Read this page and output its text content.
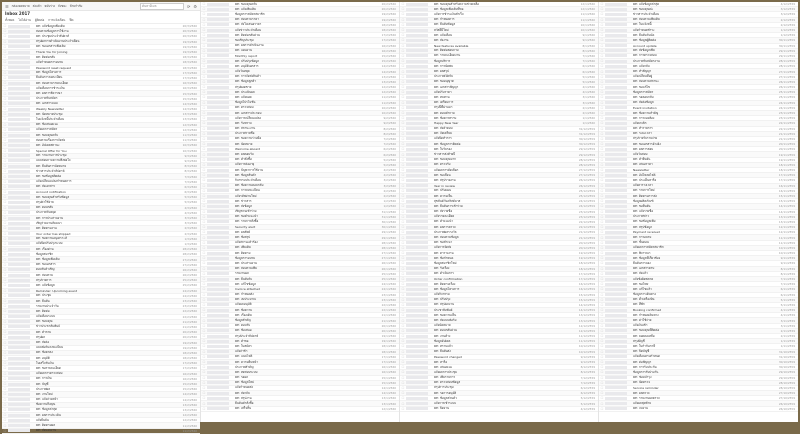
☰ กล่องจดหมาย ส่งแล้ว ฉบับร่าง ถังขยะ ป้ายกำกับ	ค้นหาอีเมล	⟳ ⚙
Inbox 2017
ทั้งหมด ไม่ได้อ่าน ผู้ติดต่อ การแจ้งเตือน ฟีด
☐	RE: แจ้งข้อมูลเพิ่มเติม	20/3/2560
☐	สอบถามข้อมูลการใช้งาน	20/3/2560
☐	RE: ประชุมประจำสัปดาห์	20/3/2560
☐	สรุปผลการดำเนินงานประจำเดือน	19/3/2560
☐	RE: ขอเอกสารเพิ่มเติม	19/3/2560
☐	Thank You for Joining	19/3/2560
☐	RE: ติดต่อกลับ	18/3/2560
☐	แจ้งกำหนดการอบรม	18/3/2560
☐	Password reset request	18/3/2560
☐	RE: ข้อมูลโครงการ	17/3/2560
☐	ยืนยันการลงทะเบียน	17/3/2560
☐	RE: สอบถามรายละเอียด	16/3/2560
☐	แจ้งเตือนการชำระเงิน	16/3/2560
☐	RE: ผลการพิจารณา	15/3/2560
☐	ประกาศรับสมัคร	15/3/2560
☐	RE: เอกสารแนบ	14/3/2560
☐	Weekly Newsletter	14/3/2560
☐	RE: นัดหมายประชุม	13/3/2560
☐	ใบแจ้งหนี้ประจำเดือน	13/3/2560
☐	RE: ข้อเสนอแนะ	12/3/2560
☐	แจ้งผลการสมัคร	12/3/2560
☐	RE: ขอบคุณครับ	11/3/2560
☐	สอบถามเรื่องการจัดส่ง	11/3/2560
☐	RE: อัปเดตสถานะ	10/3/2560
☐	Special Offer for You	10/3/2560
☐	RE: รายงานการประชุม	9/3/2560
☐	แบบสอบถามความพึงพอใจ	9/3/2560
☐	RE: ยืนยันการนัดหมาย	8/3/2560
☐	ข่าวสารประจำสัปดาห์	8/3/2560
☐	RE: ขอข้อมูลติดต่อ	7/3/2560
☐	แจ้งเปลี่ยนแปลงกำหนดการ	7/3/2560
☐	RE: ส่งเอกสาร	6/3/2560
☐	Account notification	6/3/2560
☐	RE: ขอบคุณสำหรับข้อมูล	5/3/2560
☐	สรุปค่าใช้จ่าย	5/3/2560
☐	RE: ตอบกลับ	4/3/2560
☐	ประกาศวันหยุด	4/3/2560
☐	RE: การประสานงาน	3/3/2560
☐	เชิญร่วมงานสัมมนา	3/3/2560
☐	RE: ติดตามงาน	2/3/2560
☐	Your order has shipped	2/3/2560
☐	RE: ขอความอนุเคราะห์	1/3/2560
☐	แจ้งปิดปรับปรุงระบบ	1/3/2560
☐	RE: เรื่องด่วน	28/2/2560
☐	ข้อมูลสมาชิก	28/2/2560
☐	RE: ข้อมูลเพิ่มเติม	27/2/2560
☐	RE: ขอเอกสาร	27/2/2560
☐	ตอบรับคำเชิญ	26/2/2560
☐	RE: สอบถาม	26/2/2560
☐	สรุปรายการ	25/2/2560
☐	RE: แจ้งข้อมูล	25/2/2560
☐	Reminder: Upcoming event	24/2/2560
☐	RE: ประชุม	24/2/2560
☐	RE: ยืนยัน	23/2/2560
☐	รายงานประจำวัน	23/2/2560
☐	RE: ติดต่อ	22/2/2560
☐	แจ้งเตือนระบบ	22/2/2560
☐	RE: ขอบคุณ	21/2/2560
☐	ข่าวประชาสัมพันธ์	21/2/2560
☐	RE: คำถาม	20/2/2560
☐	สรุปผล	20/2/2560
☐	RE: ส่งต่อ	19/2/2560
☐	แบบฟอร์มลงทะเบียน	19/2/2560
☐	RE: ข้อตกลง	18/2/2560
☐	RE: อนุมัติ	18/2/2560
☐	ใบเสร็จรับเงิน	17/2/2560
☐	RE: ขอรายละเอียด	17/2/2560
☐	แจ้งผลการตรวจสอบ	16/2/2560
☐	RE: การเงิน	16/2/2560
☐	RE: บัญชี	15/2/2560
☐	ประกาศผล	15/2/2560
☐	RE: งานใหม่	14/2/2560
☐	RE: แจ้งล่วงหน้า	14/2/2560
☐	ข้อความถึงคุณ	13/2/2560
☐	RE: ข้อมูลล่าสุด	13/2/2560
☐	RE: ผลการประเมิน	12/2/2560
☐	แจ้งยืนยัน	12/2/2560
☐	RE: ติดตามผล	11/2/2560
☐	RE: ส่งมอบงาน	11/2/2560
☐	RE: ขอบคุณครับ	20/2/2560
☐	RE: แจ้งเพิ่มเติม	20/2/2560
☐	ข้อมูลการสมัครสมาชิก	19/2/2560
☐	RE: สอบถามราคา	19/2/2560
☐	RE: ส่งใบเสนอราคา	18/2/2560
☐	แจ้งข่าวประจำเดือน	18/2/2560
☐	RE: ติดต่อกลับด่วน	17/2/2560
☐	ขอเชิญประชุม	17/2/2560
☐	RE: ผลการดำเนินงาน	16/2/2560
☐	RE: แผนงาน	16/2/2560
☐	Monthly report	15/2/2560
☐	RE: ปรับปรุงข้อมูล	15/2/2560
☐	RE: อนุมัติเอกสาร	14/2/2560
☐	แจ้งวันหยุด	14/2/2560
☐	RE: การจัดส่งสินค้า	13/2/2560
☐	RE: ข้อมูลลูกค้า	13/2/2560
☐	สรุปยอดขาย	12/2/2560
☐	RE: ประเมินผล	12/2/2560
☐	RE: แจ้งยอด	11/2/2560
☐	ข้อมูลโปรโมชั่น	11/2/2560
☐	RE: ตรวจสอบ	10/2/2560
☐	RE: เอกสารประกอบ	10/2/2560
☐	แจ้งการเปลี่ยนแปลง	9/2/2560
☐	RE: รับทราบ	9/2/2560
☐	RE: สถานะงาน	8/2/2560
☐	ประกาศรายชื่อ	8/2/2560
☐	RE: ขอความร่วมมือ	7/2/2560
☐	RE: นัดหมาย	7/2/2560
☐	Welcome aboard	6/2/2560
☐	RE: ผลตอบรับ	6/2/2560
☐	RE: คำสั่งซื้อ	5/2/2560
☐	แจ้งการต่ออายุ	5/2/2560
☐	RE: ปัญหาการใช้งาน	4/2/2560
☐	RE: ข้อมูลสินค้า	4/2/2560
☐	กิจกรรมประจำเดือน	3/2/2560
☐	RE: ข้อความตอบกลับ	3/2/2560
☐	RE: การลงทะเบียน	2/2/2560
☐	แจ้งรหัสผ่านใหม่	2/2/2560
☐	RE: ข่าวสาร	1/2/2560
☐	RE: ส่งข้อมูล	1/2/2560
☐	เชิญชวนเข้าร่วม	31/1/2560
☐	RE: ขอคำแนะนำ	31/1/2560
☐	RE: รายการสั่งซื้อ	30/1/2560
☐	Security alert	30/1/2560
☐	RE: ผลลัพธ์	29/1/2560
☐	RE: ข้อสรุป	29/1/2560
☐	แจ้งสถานะคำร้อง	28/1/2560
☐	RE: เพิ่มเติม	28/1/2560
☐	RE: ติดตาม	27/1/2560
☐	ข้อมูลการอบรม	27/1/2560
☐	RE: ประสานงาน	26/1/2560
☐	RE: สอบถามเพิ่ม	26/1/2560
☐	รายงานผล	25/1/2560
☐	RE: ยืนยันรับ	25/1/2560
☐	RE: แก้ไขข้อมูล	24/1/2560
☐	Invoice attached	24/1/2560
☐	RE: กำหนดส่ง	23/1/2560
☐	RE: งบประมาณ	23/1/2560
☐	แจ้งผลอนุมัติ	22/1/2560
☐	RE: ข้อความ	22/1/2560
☐	RE: เรื่องเดิม	21/1/2560
☐	ข้อมูลสำคัญ	21/1/2560
☐	RE: ตอบรับ	20/1/2560
☐	RE: ข้อเสนอ	20/1/2560
☐	สรุปประจำสัปดาห์	19/1/2560
☐	RE: คำขอ	19/1/2560
☐	RE: ใบสมัคร	18/1/2560
☐	แจ้งล่าช้า	18/1/2560
☐	RE: แนบไฟล์	17/1/2560
☐	RE: ความคืบหน้า	17/1/2560
☐	ประกาศสำคัญ	16/1/2560
☐	RE: ทดสอบระบบ	16/1/2560
☐	RE: รอผล	15/1/2560
☐	RE: ข้อมูลใหม่	15/1/2560
☐	แจ้งกำหนดส่ง	14/1/2560
☐	RE: ส่งกลับ	14/1/2560
☐	RE: สรุปงาน	13/1/2560
☐	ยืนยันคำสั่งซื้อ	13/1/2560
☐	RE: เสร็จสิ้น	12/1/2560
☐	RE: ขอบคุณสำหรับความช่วยเหลือ	12/1/2560
☐	RE: ข้อมูลเพิ่มเติมที่ขอ	12/1/2560
☐	แจ้งการชำระเงินสำเร็จ	11/1/2560
☐	RE: กำหนดการ	11/1/2560
☐	RE: ยืนยันข้อมูล	10/1/2560
☐	สวัสดีปีใหม่	10/1/2560
☐	RE: แจ้งเตือน	9/1/2560
☐	RE: ส่งงาน	9/1/2560
☐	New features available	8/1/2560
☐	RE: ติดต่อสอบถาม	8/1/2560
☐	RE: รายละเอียดงาน	7/1/2560
☐	ข้อมูลบริการ	7/1/2560
☐	RE: การนัดพบ	6/1/2560
☐	RE: ผลสรุป	6/1/2560
☐	ประกาศเปิดรับ	5/1/2560
☐	RE: ขออนุญาต	5/1/2560
☐	RE: เอกสารสัญญา	4/1/2560
☐	แจ้งปรับราคา	4/1/2560
☐	RE: ทบทวน	3/1/2560
☐	RE: เตรียมการ	3/1/2560
☐	สรุปปีที่ผ่านมา	2/1/2560
☐	RE: ตอบคำถาม	2/1/2560
☐	RE: ข้อควรทราบ	1/1/2560
☐	Happy New Year	1/1/2560
☐	RE: ส่งคำตอบ	31/12/2559
☐	RE: จัดเตรียม	31/12/2559
☐	แจ้งปิดทำการ	30/12/2559
☐	RE: ข้อมูลการติดต่อ	30/12/2559
☐	RE: ใบรับรอง	29/12/2559
☐	ข่าวสารส่งท้ายปี	29/12/2559
☐	RE: ขอบคุณมาก	28/12/2559
☐	RE: ตรวจรับ	28/12/2559
☐	แจ้งผลการคัดเลือก	27/12/2559
☐	RE: ขอเลื่อน	27/12/2559
☐	RE: สรุปรายงาน	26/12/2559
☐	Year in review	26/12/2559
☐	RE: ปรับแผน	25/12/2559
☐	RE: ความเห็น	25/12/2559
☐	สุขสันต์วันคริสต์มาส	24/12/2559
☐	RE: ยืนยันการเข้าร่วม	24/12/2559
☐	RE: ส่งรายชื่อ	23/12/2559
☐	แจ้งรายละเอียด	23/12/2559
☐	RE: คำแนะนำ	22/12/2559
☐	RE: ผลการตรวจ	22/12/2559
☐	ประกาศผลรางวัล	21/12/2559
☐	RE: สอบถามข้อมูล	21/12/2559
☐	RE: ขอสำเนา	20/12/2559
☐	แจ้งการจัดส่ง	20/12/2559
☐	RE: ตารางงาน	19/12/2559
☐	RE: ข้อกำหนด	19/12/2559
☐	ข้อมูลสมาชิกใหม่	18/12/2559
☐	RE: รับเรื่อง	18/12/2559
☐	RE: ดำเนินการ	17/12/2559
☐	Order confirmation	17/12/2559
☐	RE: ติดตามเรื่อง	16/12/2559
☐	RE: ข้อมูลโครงการ	16/12/2559
☐	แจ้งกิจกรรม	15/12/2559
☐	RE: ปรับปรุง	15/12/2559
☐	RE: สรุปผลงาน	14/12/2559
☐	ประชาสัมพันธ์	14/12/2559
☐	RE: ขอความเห็น	13/12/2559
☐	RE: ส่งแบบฟอร์ม	13/12/2559
☐	แจ้งนัดหมาย	12/12/2559
☐	RE: ตอบกลับด่วน	12/12/2559
☐	RE: งานค้าง	11/12/2559
☐	ข้อมูลอัปเดต	11/12/2559
☐	RE: ทราบแล้ว	10/12/2559
☐	RE: ยืนยันส่ง	10/12/2559
☐	Password changed	9/12/2559
☐	RE: หารือ	9/12/2559
☐	RE: เสนอแนะ	8/12/2559
☐	แจ้งผลการประชุม	8/12/2559
☐	RE: เพิ่มรายการ	7/12/2559
☐	RE: ตรวจสอบข้อมูล	7/12/2559
☐	สรุปการประชุม	6/12/2559
☐	RE: รอการอนุมัติ	6/12/2559
☐	RE: ข้อมูลส่วนตัว	5/12/2559
☐	แจ้งการเข้าระบบ	5/12/2559
☐	RE: ปิดงาน	4/12/2559
☐	RE: แจ้งข้อมูลล่าสุด	4/12/2559
☐	RE: ขอบคุณค่ะ	3/12/2559
☐	ข่าวสารประจำเดือน	3/12/2559
☐	RE: สอบถามเพิ่มเติม	2/12/2559
☐	RE: ใบแจ้งหนี้	2/12/2559
☐	แจ้งกำหนดชำระ	1/12/2559
☐	RE: ยืนยันวันนัด	1/12/2559
☐	RE: ข้อมูลผู้ติดต่อ	30/11/2559
☐	Account update	30/11/2559
☐	RE: ส่งข้อมูลเพิ่ม	29/11/2559
☐	RE: การตรวจสอบ	29/11/2559
☐	ประกาศรับสมัครงาน	28/11/2559
☐	RE: แจ้งกลับ	28/11/2559
☐	RE: ทำสัญญา	27/11/2559
☐	แจ้งเปลี่ยนที่อยู่	27/11/2559
☐	RE: สอบถามสถานะ	26/11/2559
☐	RE: ขอแก้ไข	26/11/2559
☐	ข้อมูลการสมัคร	25/11/2559
☐	RE: รอตอบกลับ	25/11/2559
☐	RE: ส่งต่อข้อมูล	24/11/2559
☐	Event invitation	24/11/2559
☐	RE: ข้อความสำคัญ	23/11/2559
☐	RE: การจองห้อง	23/11/2559
☐	แจ้งยกเลิก	22/11/2559
☐	RE: ทำรายการ	22/11/2559
☐	RE: ระยะเวลา	21/11/2559
☐	สรุปรายรับรายจ่าย	21/11/2559
☐	RE: ขอเอกสารอ้างอิง	20/11/2559
☐	RE: ผลการสอบ	20/11/2559
☐	แจ้งวันสอบ	19/11/2559
☐	RE: คำยืนยัน	19/11/2559
☐	RE: เสนอราคา	18/11/2559
☐	Newsletter	18/11/2559
☐	RE: อัปโหลดไฟล์	17/11/2559
☐	RE: ประเด็นหารือ	17/11/2559
☐	แจ้งตารางเวลา	16/11/2559
☐	RE: รายการใหม่	16/11/2559
☐	RE: ติดตามการส่ง	15/11/2559
☐	ข้อมูลผลิตภัณฑ์	15/11/2559
☐	RE: ขอยืนยัน	14/11/2559
☐	RE: แจ้งรายชื่อ	14/11/2559
☐	ประกาศข่าว	13/11/2559
☐	RE: ขอข้อมูลเพิ่ม	13/11/2559
☐	RE: สรุปข้อมูล	12/11/2559
☐	Payment received	12/11/2559
☐	RE: การอบรม	11/11/2559
☐	RE: ขั้นตอน	11/11/2559
☐	แจ้งผลการสมัครสมาชิก	10/11/2559
☐	RE: พิจารณา	10/11/2559
☐	RE: ข้อมูลที่เกี่ยวข้อง	9/11/2559
☐	ยืนยันการจอง	9/11/2559
☐	RE: เอกสารครบ	8/11/2559
☐	RE: ส่งแล้ว	8/11/2559
☐	แจ้งข้อผิดพลาด	7/11/2559
☐	RE: ขอโทษ	7/11/2559
☐	RE: แก้ไขแล้ว	6/11/2559
☐	ข้อมูลการเดินทาง	6/11/2559
☐	RE: ตั๋วเครื่องบิน	5/11/2559
☐	RE: ที่พัก	5/11/2559
☐	Booking confirmed	4/11/2559
☐	RE: กำหนดเดินทาง	4/11/2559
☐	RE: ค่าใช้จ่าย	3/11/2559
☐	แจ้งเงินเข้า	3/11/2559
☐	RE: ขอบคุณที่ติดต่อ	2/11/2559
☐	RE: ยอดคงเหลือ	2/11/2559
☐	สรุปบัญชี	1/11/2559
☐	RE: ใบกำกับภาษี	1/11/2559
☐	RE: ปิดบัญชี	31/10/2559
☐	แจ้งเตือนครบกำหนด	31/10/2559
☐	RE: ต่อสัญญา	30/10/2559
☐	RE: การรับประกัน	30/10/2559
☐	ข้อมูลการรับประกัน	29/10/2559
☐	RE: ซ่อมบำรุง	29/10/2559
☐	RE: นัดตรวจ	28/10/2559
☐	Service reminder	28/10/2559
☐	RE: ผลตรวจ	27/10/2559
☐	RE: รายงานผลตรวจ	27/10/2559
☐	แจ้งผลสุดท้าย	26/10/2559
☐	RE: จบงาน	26/10/2559
